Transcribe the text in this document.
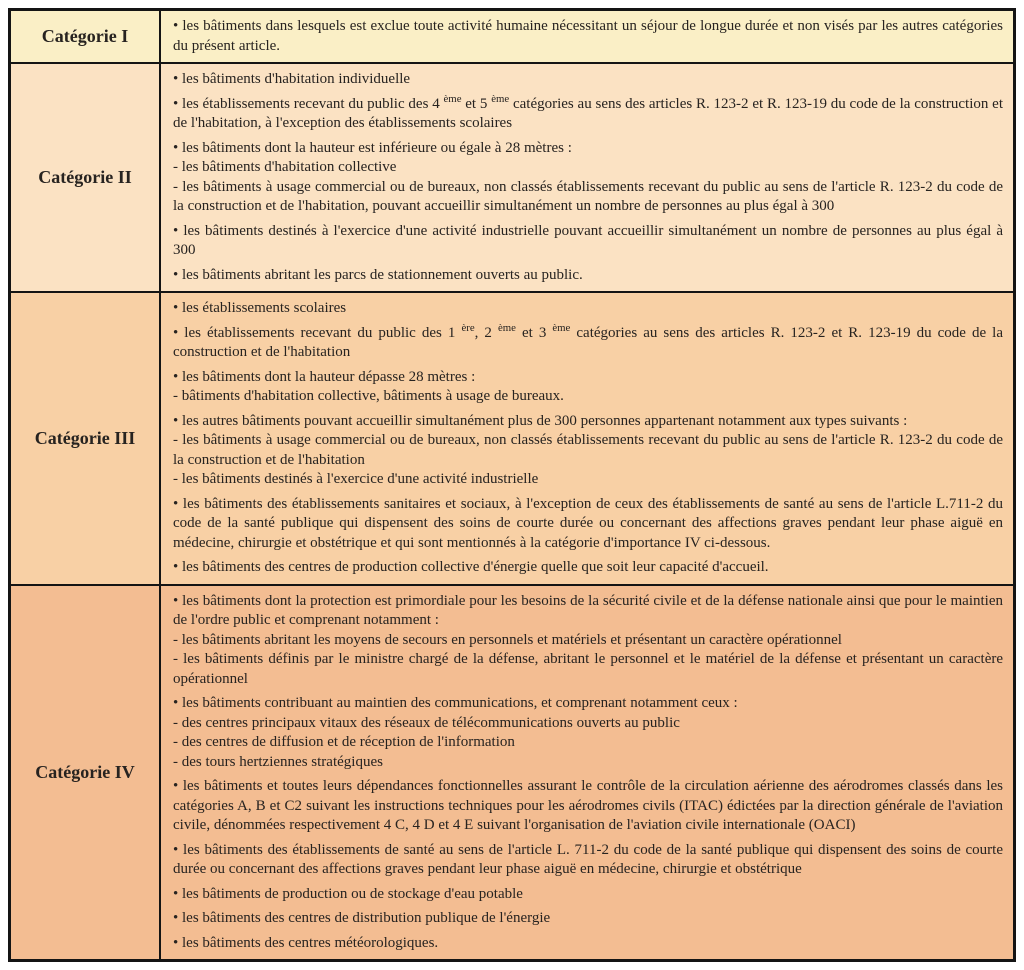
Catégorie I	• les bâtiments dans lesquels est exclue toute activité humaine nécessitant un séjour de longue durée et non visés par les autres catégories du présent article.

Catégorie II

• les bâtiments d'habitation individuelle

• les établissements recevant du public des 4 $^{ème}$ et 5 $^{ème}$ catégories au sens des articles R. 123-2 et R. 123-19 du code de la construction et de l'habitation, à l'exception des établissements scolaires

• les bâtiments dont la hauteur est inférieure ou égale à 28 mètres :

- les bâtiments d'habitation collective

- les bâtiments à usage commercial ou de bureaux, non classés établissements recevant du public au sens de l'article R. 123-2 du code de la construction et de l'habitation, pouvant accueillir simultanément un nombre de personnes au plus égal à 300

• les bâtiments destinés à l'exercice d'une activité industrielle pouvant accueillir simultanément un nombre de personnes au plus égal à 300

• les bâtiments abritant les parcs de stationnement ouverts au public.

Catégorie III

• les établissements scolaires

• les établissements recevant du public des 1 $^{ère}$, 2 $^{ème}$ et 3 $^{ème}$ catégories au sens des articles R. 123-2 et R. 123-19 du code de la construction et de l'habitation

• les bâtiments dont la hauteur dépasse 28 mètres :

- bâtiments d'habitation collective, bâtiments à usage de bureaux.

• les autres bâtiments pouvant accueillir simultanément plus de 300 personnes appartenant notamment aux types suivants :

- les bâtiments à usage commercial ou de bureaux, non classés établissements recevant du public au sens de l'article R. 123-2 du code de la construction et de l'habitation

- les bâtiments destinés à l'exercice d'une activité industrielle

• les bâtiments des établissements sanitaires et sociaux, à l'exception de ceux des établissements de santé au sens de l'article L.711-2 du code de la santé publique qui dispensent des soins de courte durée ou concernant des affections graves pendant leur phase aiguë en médecine, chirurgie et obstétrique et qui sont mentionnés à la catégorie d'importance IV ci-dessous.

• les bâtiments des centres de production collective d'énergie quelle que soit leur capacité d'accueil.

Catégorie IV

• les bâtiments dont la protection est primordiale pour les besoins de la sécurité civile et de la défense nationale ainsi que pour le maintien de l'ordre public et comprenant notamment :

- les bâtiments abritant les moyens de secours en personnels et matériels et présentant un caractère opérationnel

- les bâtiments définis par le ministre chargé de la défense, abritant le personnel et le matériel de la défense et présentant un caractère opérationnel

• les bâtiments contribuant au maintien des communications, et comprenant notamment ceux :

- des centres principaux vitaux des réseaux de télécommunications ouverts au public

- des centres de diffusion et de réception de l'information

- des tours hertziennes stratégiques

• les bâtiments et toutes leurs dépendances fonctionnelles assurant le contrôle de la circulation aérienne des aérodromes classés dans les catégories A, B et C2 suivant les instructions techniques pour les aérodromes civils (ITAC) édictées par la direction générale de l'aviation civile, dénommées respectivement 4 C, 4 D et 4 E suivant l'organisation de l'aviation civile internationale (OACI)

• les bâtiments des établissements de santé au sens de l'article L. 711-2 du code de la santé publique qui dispensent des soins de courte durée ou concernant des affections graves pendant leur phase aiguë en médecine, chirurgie et obstétrique

• les bâtiments de production ou de stockage d'eau potable

• les bâtiments des centres de distribution publique de l'énergie

• les bâtiments des centres météorologiques.
